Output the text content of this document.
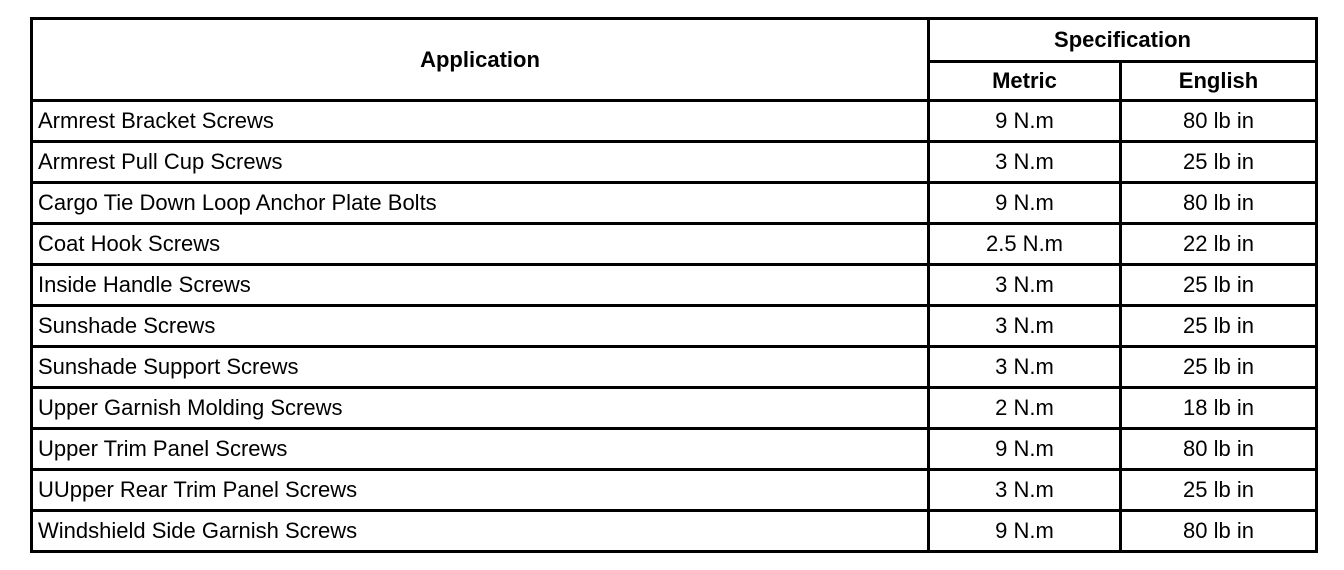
Application	Specification	
	Metric	English
Armrest Bracket Screws	9 N.m	80 lb in
Armrest Pull Cup Screws	3 N.m	25 lb in
Cargo Tie Down Loop Anchor Plate Bolts	9 N.m	80 lb in
Coat Hook Screws	2.5 N.m	22 lb in
Inside Handle Screws	3 N.m	25 lb in
Sunshade Screws	3 N.m	25 lb in
Sunshade Support Screws	3 N.m	25 lb in
Upper Garnish Molding Screws	2 N.m	18 lb in
Upper Trim Panel Screws	9 N.m	80 lb in
UUpper Rear Trim Panel Screws	3 N.m	25 lb in
Windshield Side Garnish Screws	9 N.m	80 lb in
